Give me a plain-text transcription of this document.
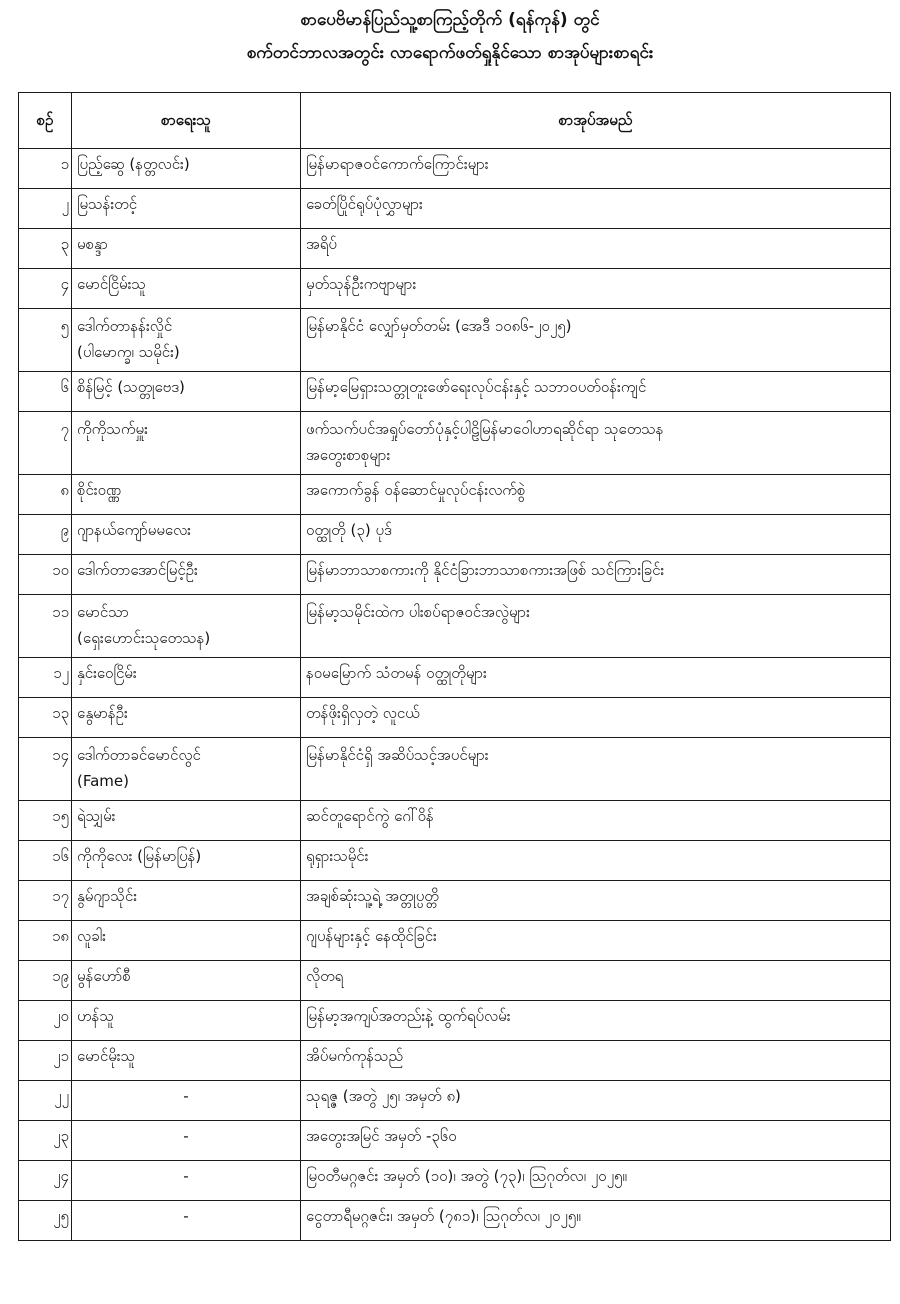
စာပေဗိမာန်ပြည်သူ့စာကြည့်တိုက် (ရန်ကုန်) တွင်
စက်တင်ဘာလအတွင်း လာရောက်ဖတ်ရှုနိုင်သော စာအုပ်များစာရင်း
စဉ်	စာရေးသူ	စာအုပ်အမည်
၁	ပြည့်ဆွေ (နတ္တလင်း)	မြန်မာရာဇဝင်ကောက်ကြောင်းများ

၂	မြသန်းတင့်	ခေတ်ပြိုင်ရုပ်ပုံလွှာများ

၃	မစန္ဒာ	အရိပ်

၄	မောင်ငြိမ်းသူ	မှတ်သုန်ဦးကဗျာများ

၅	ဒေါက်တာနန်းလှိုင်
(ပါမောက္ခ၊ သမိုင်း)	မြန်မာနိုင်ငံ လျှော်မှတ်တမ်း (အေဒီ ၁၀၈၆-၂၀၂၅)

၆	စိန်မြင့် (သတ္တုဗေဒ)	မြန်မာ့မြေရှားသတ္တုတူးဖော်ရေးလုပ်ငန်းနှင့် သဘာဝပတ်ဝန်းကျင်

၇	ကိုကိုသက်မှူး	ဖက်သက်ပင်အရှုပ်တော်ပုံနှင့်ပါဠိမြန်မာဝေါဟာရဆိုင်ရာ သုတေသန
အတွေးစာစုများ

၈	စိုင်းဝဏ္ဏ	အကောက်ခွန် ဝန်ဆောင်မှုလုပ်ငန်းလက်စွဲ

၉	ဂျာနယ်ကျော်မမလေး	ဝတ္ထုတို (၃) ပုဒ်

၁၀	ဒေါက်တာအောင်မြင့်ဦး	မြန်မာဘာသာစကားကို နိုင်ငံခြားဘာသာစကားအဖြစ် သင်ကြားခြင်း

၁၁	မောင်သာ
(ရှေးဟောင်းသုတေသန)	မြန်မာ့သမိုင်းထဲက ပါးစပ်ရာဇဝင်အလွဲများ

၁၂	နှင်းဝေငြိမ်း	နဝမမြောက် သံတမန် ဝတ္ထုတိုများ

၁၃	နွေမာန်ဦး	တန်ဖိုးရှိလှတဲ့ လူငယ်

၁၄	ဒေါက်တာခင်မောင်လွင်
(Fame)	မြန်မာနိုင်ငံရှိ အဆိပ်သင့်အပင်များ

၁၅	ရဲသျှမ်း	ဆင်တူရောင်ကွဲ ဂေါ်ဝိန်

၁၆	ကိုကိုလေး (မြန်မာပြန်)	ရုရှားသမိုင်း

၁၇	နွမ်ဂျာသိုင်း	အချစ်ဆုံးသူ့ရဲ့ အတ္တုပ္ပတ္တိ

၁၈	လူခါး	ဂျပန်များနှင့် နေထိုင်ခြင်း

၁၉	မွန်ဟော်စီ	လိုတရ

၂၀	ဟန်သူ	မြန်မာ့အကျပ်အတည်းနဲ့ ထွက်ရပ်လမ်း

၂၁	မောင်မိုးသူ	အိပ်မက်ကုန်သည်

၂၂	-	သုရဇ္ဇ (အတွဲ ၂၅၊ အမှတ် ၈)

၂၃	-	အတွေးအမြင် အမှတ် -၃၆၀

၂၄	-	မြဝတီမဂ္ဂဇင်း အမှတ် (၁၀)၊ အတွဲ (၇၃)၊ ဩဂုတ်လ၊ ၂၀၂၅။

၂၅	-	ငွေတာရီမဂ္ဂဇင်း၊ အမှတ် (၇၈၁)၊ ဩဂုတ်လ၊ ၂၀၂၅။
